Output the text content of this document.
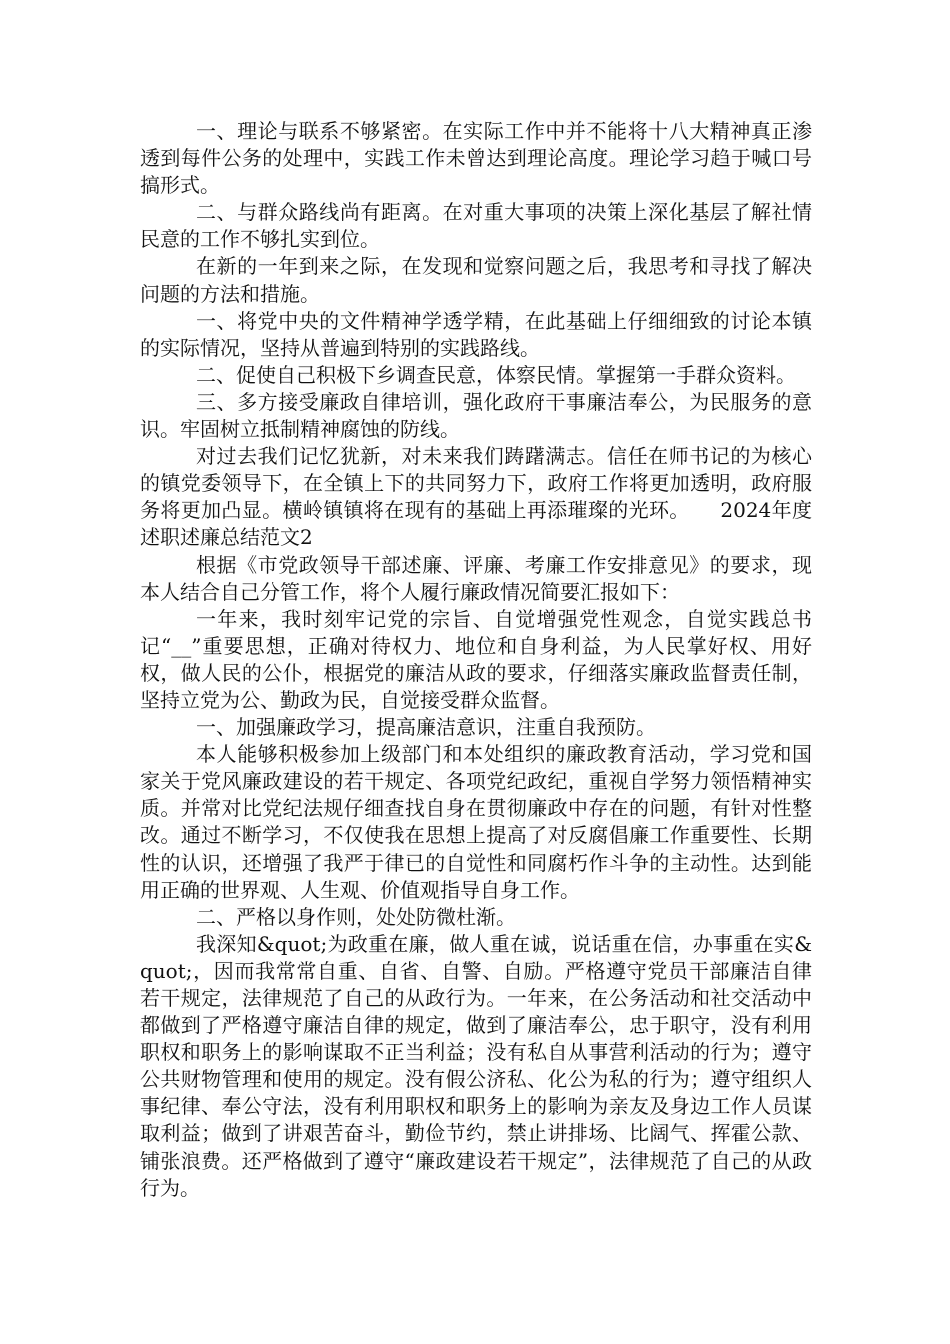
一、理论与联系不够紧密。在实际工作中并不能将十八大精神真正渗透到每件公务的处理中，实践工作未曾达到理论高度。理论学习趋于喊口号搞形式。

二、与群众路线尚有距离。在对重大事项的决策上深化基层了解社情民意的工作不够扎实到位。

在新的一年到来之际，在发现和觉察问题之后，我思考和寻找了解决问题的方法和措施。

一、将党中央的文件精神学透学精，在此基础上仔细细致的讨论本镇的实际情况，坚持从普遍到特别的实践路线。

二、促使自己积极下乡调查民意，体察民情。掌握第一手群众资料。

三、多方接受廉政自律培训，强化政府干事廉洁奉公，为民服务的意识。牢固树立抵制精神腐蚀的防线。

对过去我们记忆犹新，对未来我们踌躇满志。信任在师书记的为核心的镇党委领导下，在全镇上下的共同努力下，政府工作将更加透明，政府服务将更加凸显。横岭镇镇将在现有的基础上再添璀璨的光环。　　2024年度述职述廉总结范文2

根据《市党政领导干部述廉、评廉、考廉工作安排意见》的要求，现本人结合自己分管工作，将个人履行廉政情况简要汇报如下：

一年来，我时刻牢记党的宗旨、自觉增强党性观念，自觉实践总书记“__”重要思想，正确对待权力、地位和自身利益，为人民掌好权、用好权，做人民的公仆，根据党的廉洁从政的要求，仔细落实廉政监督责任制，坚持立党为公、勤政为民，自觉接受群众监督。

一、加强廉政学习，提高廉洁意识，注重自我预防。

本人能够积极参加上级部门和本处组织的廉政教育活动，学习党和国家关于党风廉政建设的若干规定、各项党纪政纪，重视自学努力领悟精神实质。并常对比党纪法规仔细查找自身在贯彻廉政中存在的问题，有针对性整改。通过不断学习，不仅使我在思想上提高了对反腐倡廉工作重要性、长期性的认识，还增强了我严于律已的自觉性和同腐朽作斗争的主动性。达到能用正确的世界观、人生观、价值观指导自身工作。

二、严格以身作则，处处防微杜渐。

我深知&quot;为政重在廉，做人重在诚，说话重在信，办事重在实&quot;，因而我常常自重、自省、自警、自励。严格遵守党员干部廉洁自律若干规定，法律规范了自己的从政行为。一年来，在公务活动和社交活动中都做到了严格遵守廉洁自律的规定，做到了廉洁奉公，忠于职守，没有利用职权和职务上的影响谋取不正当利益；没有私自从事营利活动的行为；遵守公共财物管理和使用的规定。没有假公济私、化公为私的行为；遵守组织人事纪律、奉公守法，没有利用职权和职务上的影响为亲友及身边工作人员谋取利益；做到了讲艰苦奋斗，勤俭节约，禁止讲排场、比阔气、挥霍公款、铺张浪费。还严格做到了遵守“廉政建设若干规定”，法律规范了自己的从政行为。
